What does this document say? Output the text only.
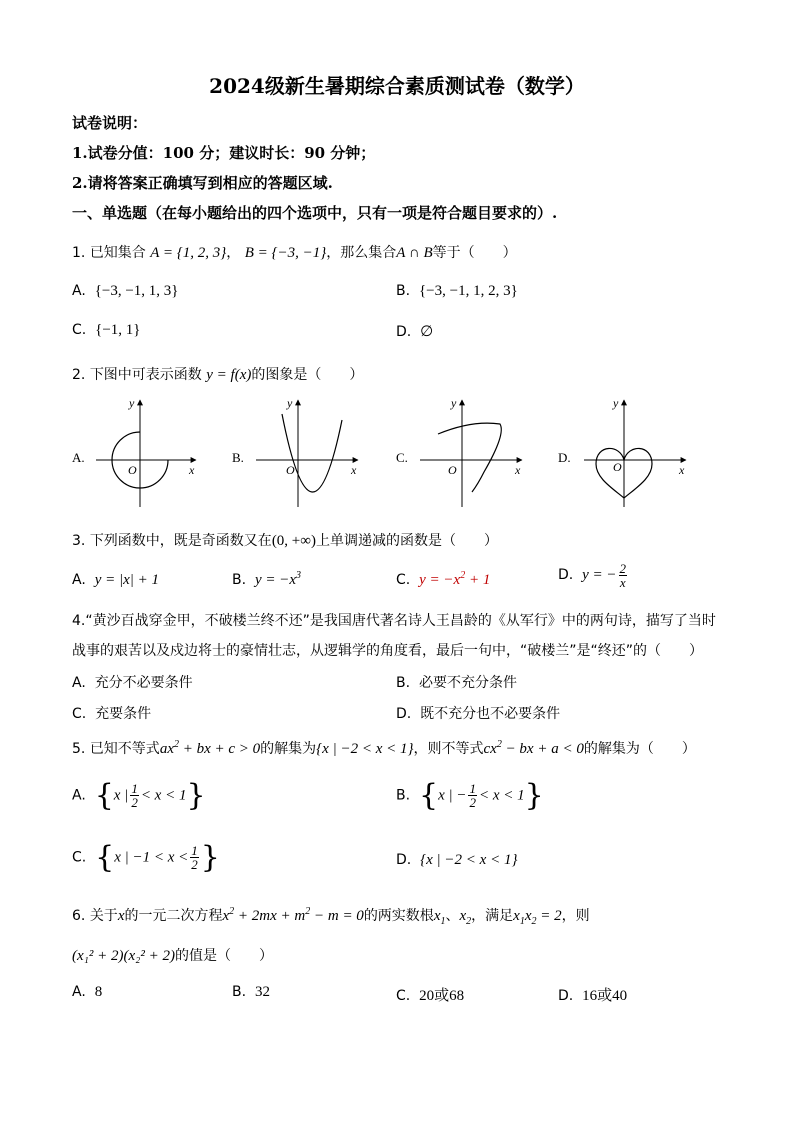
2024级新生暑期综合素质测试卷（数学）
试卷说明：
1.试卷分值：100 分；建议时长：90 分钟；
2.请将答案正确填写到相应的答题区域.
一、单选题（在每小题给出的四个选项中，只有一项是符合题目要求的）.
1. 已知集合 A = {1, 2, 3}， B = {−3, −1}，那么集合A ∩ B等于（　　）
A. {−3, −1, 1, 3}	B. {−3, −1, 1, 2, 3}
C. {−1, 1}	D. ∅
2. 下图中可表示函数 y = f(x)的图象是（　　）
A.
x
y
O
B.
x
y
O
C.
x
y
O
D.
x
y
O
3. 下列函数中，既是奇函数又在(0, +∞)上单调递减的函数是（　　）
A. y = |x| + 1	B. $y = -x^3$	C. $y = -x^2 + 1$	D. y = − $\frac{2}{x}$
4.“黄沙百战穿金甲，不破楼兰终不还”是我国唐代著名诗人王昌龄的《从军行》中的两句诗，描写了当时
战事的艰苦以及戍边将士的豪情壮志，从逻辑学的角度看，最后一句中，“破楼兰”是“终还”的（　　）
A. 充分不必要条件	B. 必要不充分条件
C. 充要条件	D. 既不充分也不必要条件
5. 已知不等式$ax^2$ + bx + c > 0的解集为{x | −2 < x < 1}，则不等式$cx^2$ − bx + a < 0的解集为（　　）
A. {x | $\frac{1}{2} < x < 1$}	B. {x | − $\frac{1}{2} < x < 1$}
C. {x | $-1 < x < \frac{1}{2}$ }	D. {x | −2 < x < 1}
6. 关于x的一元二次方程$x^2 + 2mx + m^2 - m = 0$的两实数根$x_1$、$x_2$，满足$x_1x_2 = 2$，则
(x₁² + 2)(x₂² + 2)的值是（　　）
A. 8	B. 32	C. 20或68	D. 16或40
